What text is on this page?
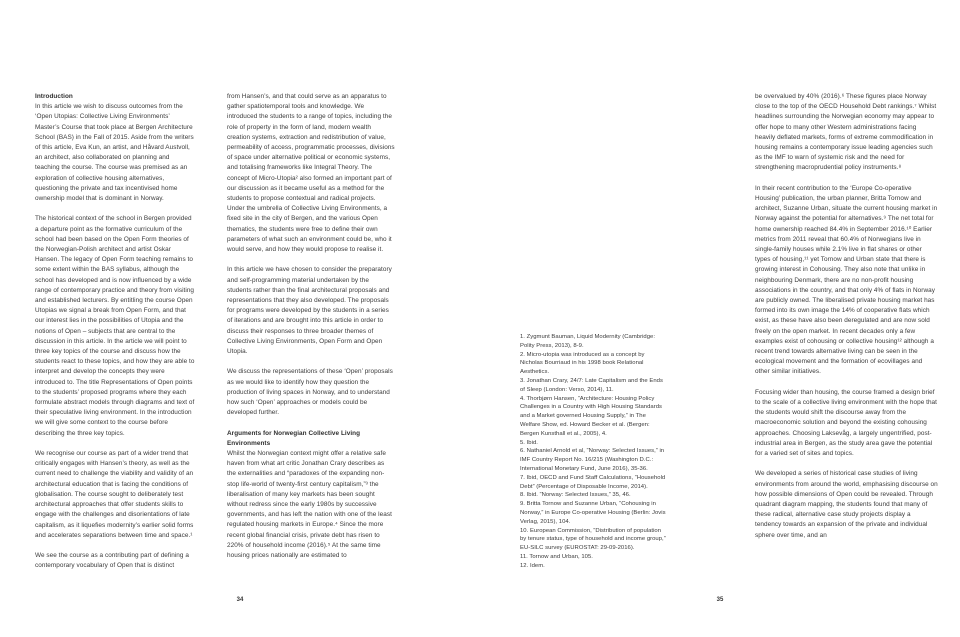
Introduction

In this article we wish to discuss outcomes from the ‘Open Utopias: Collective Living Environments’ Master’s Course that took place at Bergen Architecture School (BAS) in the Fall of 2015. Aside from the writers of this article, Eva Kun, an artist, and Håvard Austvoll, an architect, also collaborated on planning and teaching the course. The course was premised as an exploration of collective housing alternatives, questioning the private and tax incentivised home ownership model that is dominant in Norway.

The historical context of the school in Bergen provided a departure point as the formative curriculum of the school had been based on the Open Form theories of the Norwegian-Polish architect and artist Oskar Hansen. The legacy of Open Form teaching remains to some extent within the BAS syllabus, although the school has developed and is now influenced by a wide range of contemporary practice and theory from visiting and established lecturers. By entitling the course Open Utopias we signal a break from Open Form, and that our interest lies in the possibilities of Utopia and the notions of Open – subjects that are central to the discussion in this article. In the article we will point to three key topics of the course and discuss how the students react to these topics, and how they are able to interpret and develop the concepts they were introduced to. The title Representations of Open points to the students’ proposed programs where they each formulate abstract models through diagrams and text of their speculative living environment. In the introduction we will give some context to the course before describing the three key topics.

We recognise our course as part of a wider trend that critically engages with Hansen’s theory, as well as the current need to challenge the viability and validity of an architectural education that is facing the conditions of globalisation. The course sought to deliberately test architectural approaches that offer students skills to engage with the challenges and disorientations of late capitalism, as it liquefies modernity’s earlier solid forms and accelerates separations between time and space.¹

We see the course as a contributing part of defining a contemporary vocabulary of Open that is distinct

from Hansen’s, and that could serve as an apparatus to gather spatiotemporal tools and knowledge. We introduced the students to a range of topics, including the role of property in the form of land, modern wealth creation systems, extraction and redistribution of value, permeability of access, programmatic processes, divisions of space under alternative political or economic systems, and totalising frameworks like Integral Theory. The concept of Micro-Utopia² also formed an important part of our discussion as it became useful as a method for the students to propose contextual and radical projects. Under the umbrella of Collective Living Environments, a fixed site in the city of Bergen, and the various Open thematics, the students were free to define their own parameters of what such an environment could be, who it would serve, and how they would propose to realise it.

In this article we have chosen to consider the preparatory and self-programming material undertaken by the students rather than the final architectural proposals and representations that they also developed. The proposals for programs were developed by the students in a series of iterations and are brought into this article in order to discuss their responses to three broader themes of Collective Living Environments, Open Form and Open Utopia.

We discuss the representations of these ‘Open’ proposals as we would like to identify how they question the production of living spaces in Norway, and to understand how such ‘Open’ approaches or models could be developed further.

Arguments for Norwegian Collective Living Environments

Whilst the Norwegian context might offer a relative safe haven from what art critic Jonathan Crary describes as the externalities and “paradoxes of the expanding non-stop life-world of twenty-first century capitalism,”³ the liberalisation of many key markets has been sought without redress since the early 1980s by successive governments, and has left the nation with one of the least regulated housing markets in Europe.⁴ Since the more recent global financial crisis, private debt has risen to 220% of household income (2016).⁵ At the same time housing prices nationally are estimated to

34

1. Zygmunt Bauman, Liquid Modernity (Cambridge: Polity Press, 2013), 8-9.

2. Micro-utopia was introduced as a concept by Nicholas Bourriaud in his 1998 book Relational Aesthetics.

3. Jonathan Crary, 24/7: Late Capitalism and the Ends of Sleep (London: Verso, 2014), 11.

4. Thorbjørn Hansen, “Architecture: Housing Policy Challenges in a Country with High Housing Standards and a Market governed Housing Supply,” in The Welfare Show, ed. Howard Becker et al. (Bergen: Bergen Kunsthall et al., 2005), 4.

5. Ibid.

6. Nathaniel Arnold et al, “Norway: Selected Issues,” in IMF Country Report No. 16/215 (Washington D.C.: International Monetary Fund, June 2016), 35-36.

7. Ibid, OECD and Fund Staff Calculations, “Household Debt” (Percentage of Disposable Income, 2014).

8. Ibid. “Norway: Selected Issues,” 35, 46.

9. Britta Tornow and Suzanne Urban, “Cohousing in Norway,” in Europe Co-operative Housing (Berlin: Jovis Verlag, 2015), 104.

10. European Commission, “Distribution of population by tenure status, type of household and income group,” EU-SILC survey (EUROSTAT: 29-09-2016).

11. Tornow and Urban, 105.

12. Idem.

be overvalued by 40% (2016).⁶ These figures place Norway close to the top of the OECD Household Debt rankings.⁷ Whilst headlines surrounding the Norwegian economy may appear to offer hope to many other Western administrations facing heavily deflated markets, forms of extreme commodification in housing remains a contemporary issue leading agencies such as the IMF to warn of systemic risk and the need for strengthening macroprudential policy instruments.⁸

In their recent contribution to the ‘Europe Co-operative Housing’ publication, the urban planner, Britta Tornow and architect, Suzanne Urban, situate the current housing market in Norway against the potential for alternatives.⁹ The net total for home ownership reached 84.4% in September 2016.¹⁰ Earlier metrics from 2011 reveal that 60.4% of Norwegians live in single-family houses while 2.1% live in flat shares or other types of housing,¹¹ yet Tornow and Urban state that there is growing interest in Cohousing. They also note that unlike in neighbouring Denmark, there are no non-profit housing associations in the country, and that only 4% of flats in Norway are publicly owned. The liberalised private housing market has formed into its own image the 14% of cooperative flats which exist, as these have also been deregulated and are now sold freely on the open market. In recent decades only a few examples exist of cohousing or collective housing¹² although a recent trend towards alternative living can be seen in the ecological movement and the formation of ecovillages and other similar initiatives.

Focusing wider than housing, the course framed a design brief to the scale of a collective living environment with the hope that the students would shift the discourse away from the macroeconomic solution and beyond the existing cohousing approaches. Choosing Laksevåg, a largely ungentrified, post-industrial area in Bergen, as the study area gave the potential for a varied set of sites and topics.

We developed a series of historical case studies of living environments from around the world, emphasising discourse on how possible dimensions of Open could be revealed. Through quadrant diagram mapping, the students found that many of these radical, alternative case study projects display a tendency towards an expansion of the private and individual sphere over time, and an

35
